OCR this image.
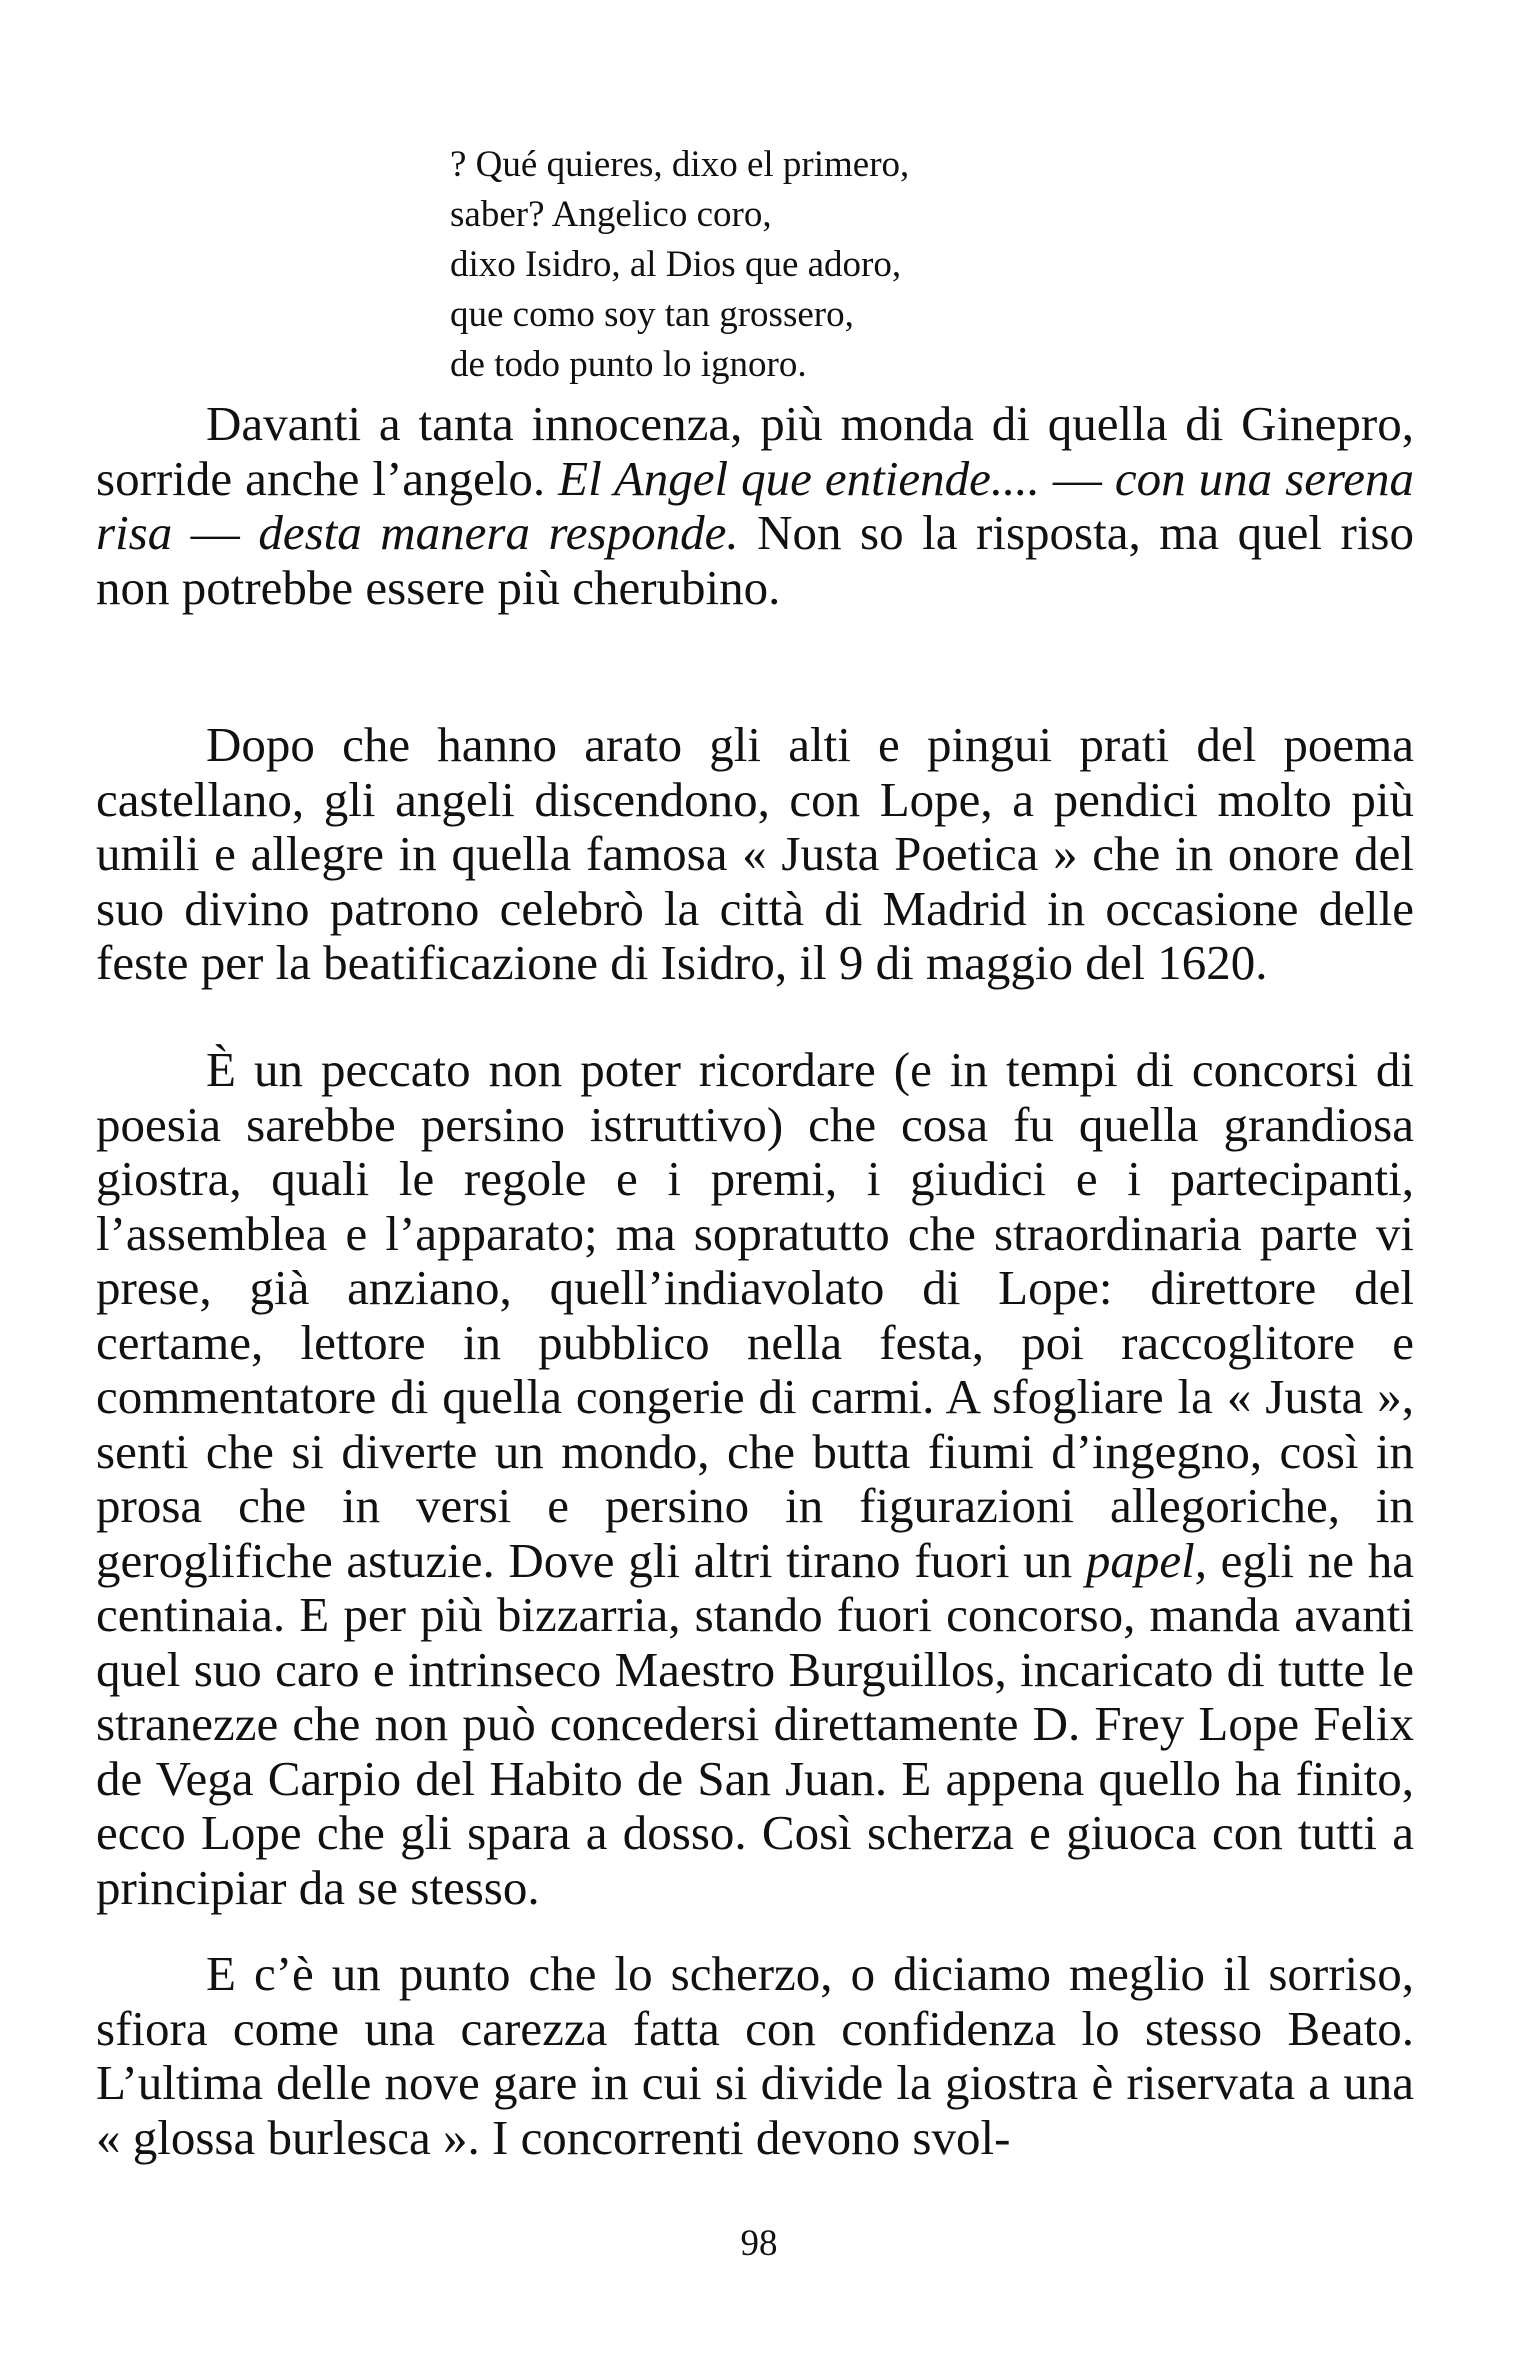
? Qué quieres, dixo el primero,
saber? Angelico coro,
dixo Isidro, al Dios que adoro,
que como soy tan grossero,
de todo punto lo ignoro.

Davanti a tanta innocenza, più monda di quella di Ginepro, sorride anche l’angelo. El Angel que entiende.... — con una serena risa — desta manera responde. Non so la risposta, ma quel riso non potrebbe essere più cherubino.

Dopo che hanno arato gli alti e pingui prati del poema castellano, gli angeli discendono, con Lope, a pendici molto più umili e allegre in quella famosa « Justa Poetica » che in onore del suo divino patrono celebrò la città di Madrid in occasione delle feste per la beatificazione di Isidro, il 9 di maggio del 1620.

È un peccato non poter ricordare (e in tempi di concorsi di poesia sarebbe persino istruttivo) che cosa fu quella grandiosa giostra, quali le regole e i premi, i giudici e i partecipanti, l’assemblea e l’apparato; ma sopratutto che straordinaria parte vi prese, già anziano, quell’indiavolato di Lope: direttore del certame, lettore in pubblico nella festa, poi raccoglitore e commentatore di quella congerie di carmi. A sfogliare la « Justa », senti che si diverte un mondo, che butta fiumi d’ingegno, così in prosa che in versi e persino in figurazioni allegoriche, in geroglifiche astuzie. Dove gli altri tirano fuori un papel, egli ne ha centinaia. E per più bizzarria, stando fuori concorso, manda avanti quel suo caro e intrinseco Maestro Burguillos, incaricato di tutte le stranezze che non può concedersi direttamente D. Frey Lope Felix de Vega Carpio del Habito de San Juan. E appena quello ha finito, ecco Lope che gli spara a dosso. Così scherza e giuoca con tutti a principiar da se stesso.

E c’è un punto che lo scherzo, o diciamo meglio il sorriso, sfiora come una carezza fatta con confidenza lo stesso Beato. L’ultima delle nove gare in cui si divide la giostra è riservata a una « glossa burlesca ». I concorrenti devono svol-

98
